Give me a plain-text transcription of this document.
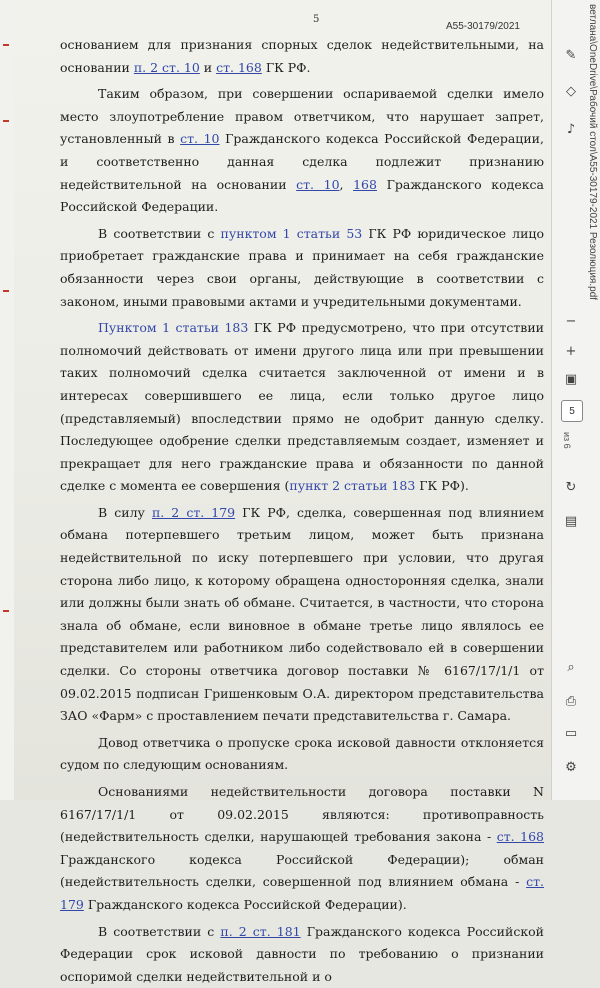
5
А55-30179/2021

основанием для признания спорных сделок недействительными, на основании п. 2 ст. 10 и ст. 168 ГК РФ.

Таким образом, при совершении оспариваемой сделки имело место злоупотребление правом ответчиком, что нарушает запрет, установленный в ст. 10 Гражданского кодекса Российской Федерации, и соответственно данная сделка подлежит признанию недействительной на основании ст. 10, 168 Гражданского кодекса Российской Федерации.

В соответствии с пунктом 1 статьи 53 ГК РФ юридическое лицо приобретает гражданские права и принимает на себя гражданские обязанности через свои органы, действующие в соответствии с законом, иными правовыми актами и учредительными документами.

Пунктом 1 статьи 183 ГК РФ предусмотрено, что при отсутствии полномочий действовать от имени другого лица или при превышении таких полномочий сделка считается заключенной от имени и в интересах совершившего ее лица, если только другое лицо (представляемый) впоследствии прямо не одобрит данную сделку. Последующее одобрение сделки представляемым создает, изменяет и прекращает для него гражданские права и обязанности по данной сделке с момента ее совершения (пункт 2 статьи 183 ГК РФ).

В силу п. 2 ст. 179 ГК РФ, сделка, совершенная под влиянием обмана потерпевшего третьим лицом, может быть признана недействительной по иску потерпевшего при условии, что другая сторона либо лицо, к которому обращена односторонняя сделка, знали или должны были знать об обмане. Считается, в частности, что сторона знала об обмане, если виновное в обмане третье лицо являлось ее представителем или работником либо содействовало ей в совершении сделки. Со стороны ответчика договор поставки № 6167/17/1/1 от 09.02.2015 подписан Гришенковым О.А. директором представительства ЗАО «Фарм» с проставлением печати представительства г. Самара.

Довод ответчика о пропуске срока исковой давности отклоняется судом по следующим основаниям.

Основаниями недействительности договора поставки N 6167/17/1/1 от 09.02.2015 являются: противоправность (недействительность сделки, нарушающей требования закона - ст. 168 Гражданского кодекса Российской Федерации); обман (недействительность сделки, совершенной под влиянием обмана - ст. 179 Гражданского кодекса Российской Федерации).

В соответствии с п. 2 ст. 181 Гражданского кодекса Российской Федерации срок исковой давности по требованию о признании оспоримой сделки недействительной и о

ветлана\OneDrive\Рабочий стол\А55-30179-2021 Резолюция.pdf
✎
◇
♪
−
+
▣
5
из 6
↻
▤
⌕
⎙
▭
⚙
